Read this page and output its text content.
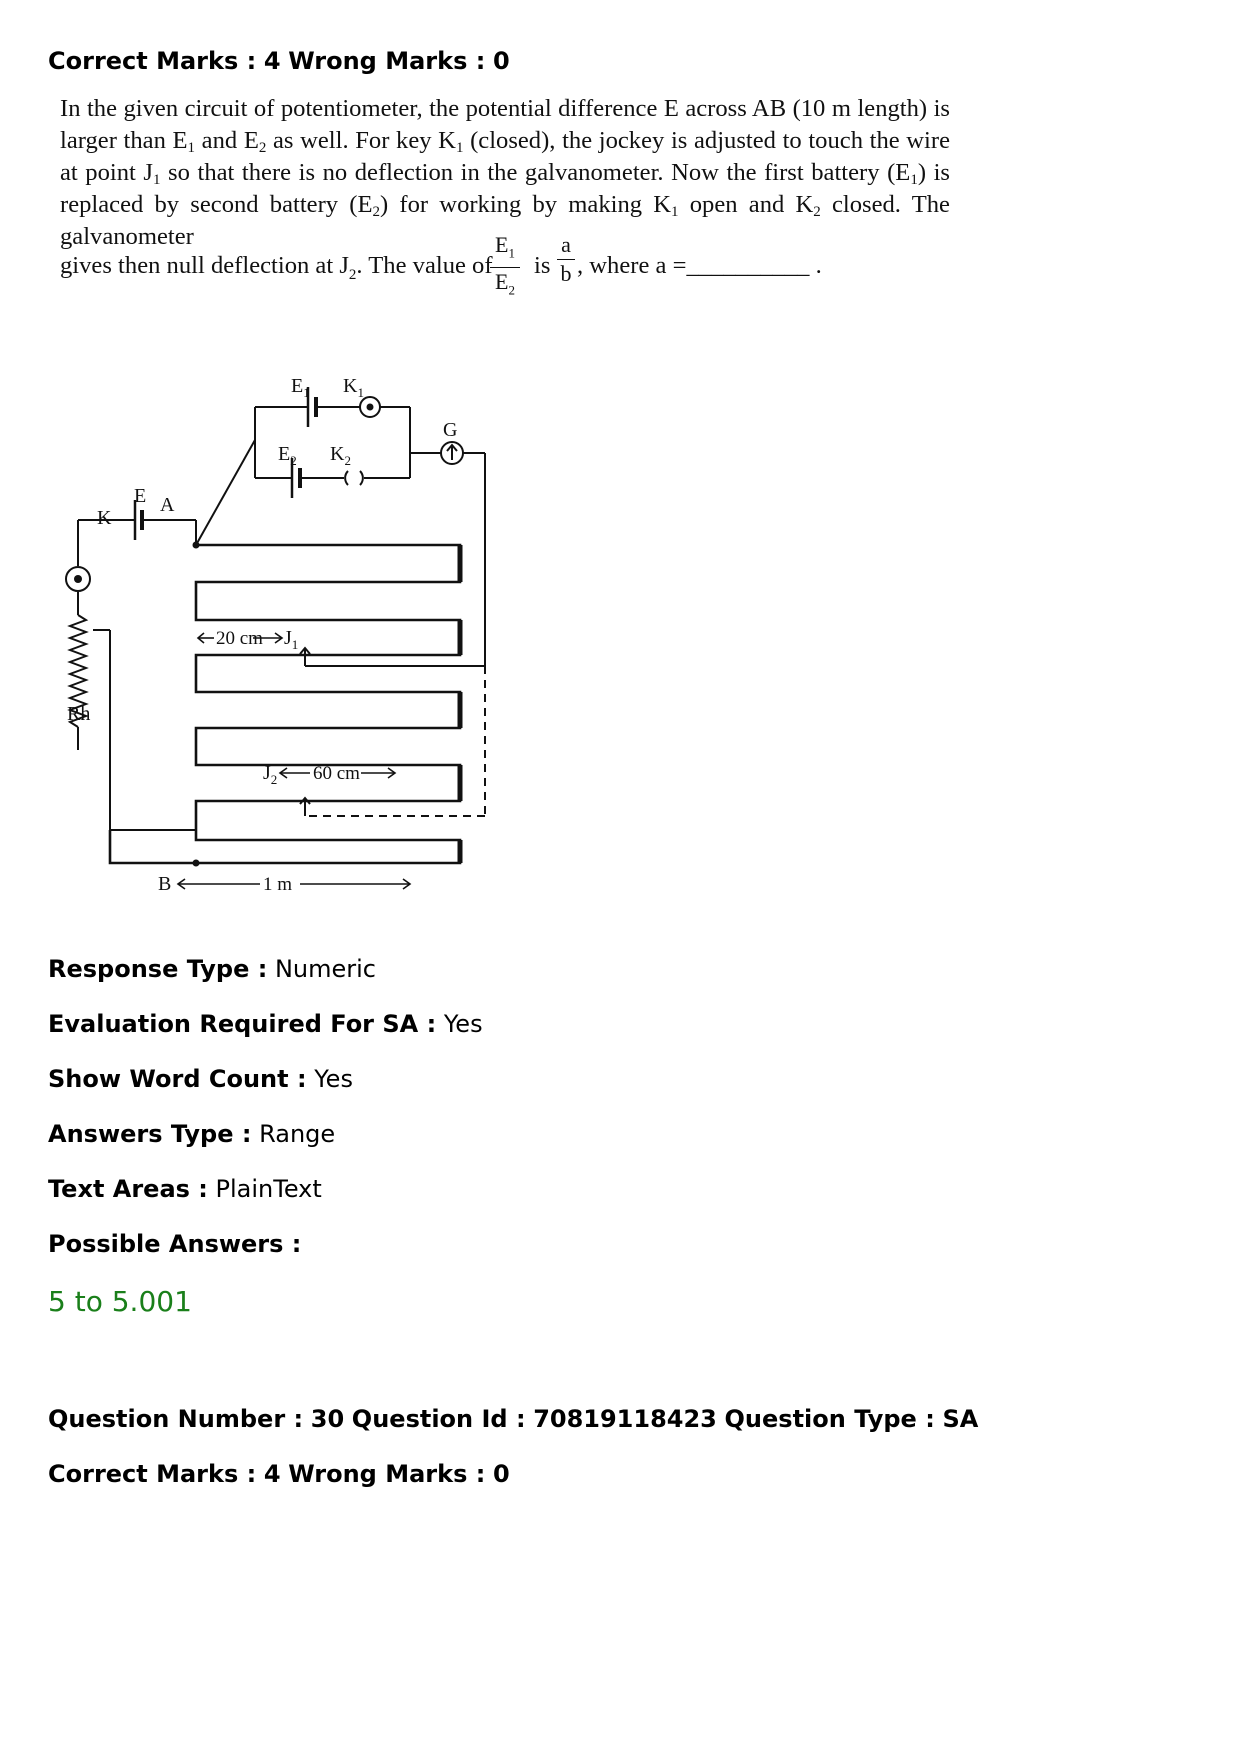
Correct Marks : 4 Wrong Marks : 0
In the given circuit of potentiometer, the potential difference E across AB (10 m length) is larger than $E_1$ and $E_2$ as well. For key $K_1$ (closed), the jockey is adjusted to touch the wire at point $J_1$ so that there is no deflection in the galvanometer. Now the first battery $(E_1)$ is replaced by second battery $(E_2)$ for working by making $K_1$ open and $K_2$ closed. The galvanometer
gives then null deflection at $J_2$. The value of
$E_1$
$E_2$
is
a
b , where a =__________ .
$E_1$ $K_1$
$E_2$ $K_2$
G
E
K
A
B
Rh
20 cm $J_1$
$J_2$ 60 cm
1 m
Response Type : Numeric
Evaluation Required For SA : Yes
Show Word Count : Yes
Answers Type : Range
Text Areas : PlainText
Possible Answers :
5 to 5.001
Question Number : 30 Question Id : 70819118423 Question Type : SA
Correct Marks : 4 Wrong Marks : 0
